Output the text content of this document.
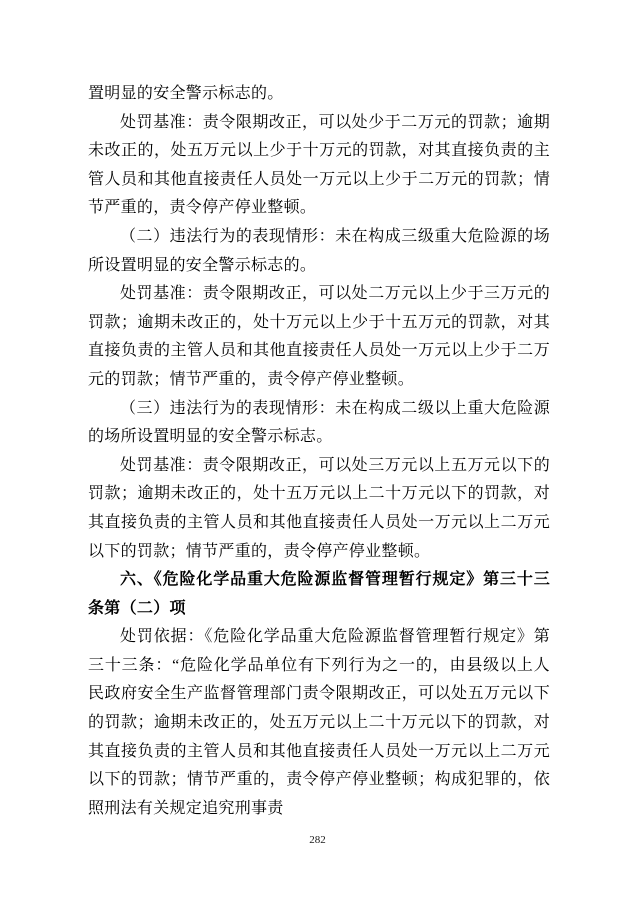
置明显的安全警示标志的。

处罚基准：责令限期改正，可以处少于二万元的罚款；逾期未改正的，处五万元以上少于十万元的罚款，对其直接负责的主管人员和其他直接责任人员处一万元以上少于二万元的罚款；情节严重的，责令停产停业整顿。

（二）违法行为的表现情形：未在构成三级重大危险源的场所设置明显的安全警示标志的。

处罚基准：责令限期改正，可以处二万元以上少于三万元的罚款；逾期未改正的，处十万元以上少于十五万元的罚款，对其直接负责的主管人员和其他直接责任人员处一万元以上少于二万元的罚款；情节严重的，责令停产停业整顿。

（三）违法行为的表现情形：未在构成二级以上重大危险源的场所设置明显的安全警示标志。

处罚基准：责令限期改正，可以处三万元以上五万元以下的罚款；逾期未改正的，处十五万元以上二十万元以下的罚款，对其直接负责的主管人员和其他直接责任人员处一万元以上二万元以下的罚款；情节严重的，责令停产停业整顿。

六、《危险化学品重大危险源监督管理暂行规定》第三十三条第（二）项

处罚依据：《危险化学品重大危险源监督管理暂行规定》第三十三条：“危险化学品单位有下列行为之一的，由县级以上人民政府安全生产监督管理部门责令限期改正，可以处五万元以下的罚款；逾期未改正的，处五万元以上二十万元以下的罚款，对其直接负责的主管人员和其他直接责任人员处一万元以上二万元以下的罚款；情节严重的，责令停产停业整顿；构成犯罪的，依照刑法有关规定追究刑事责

282
